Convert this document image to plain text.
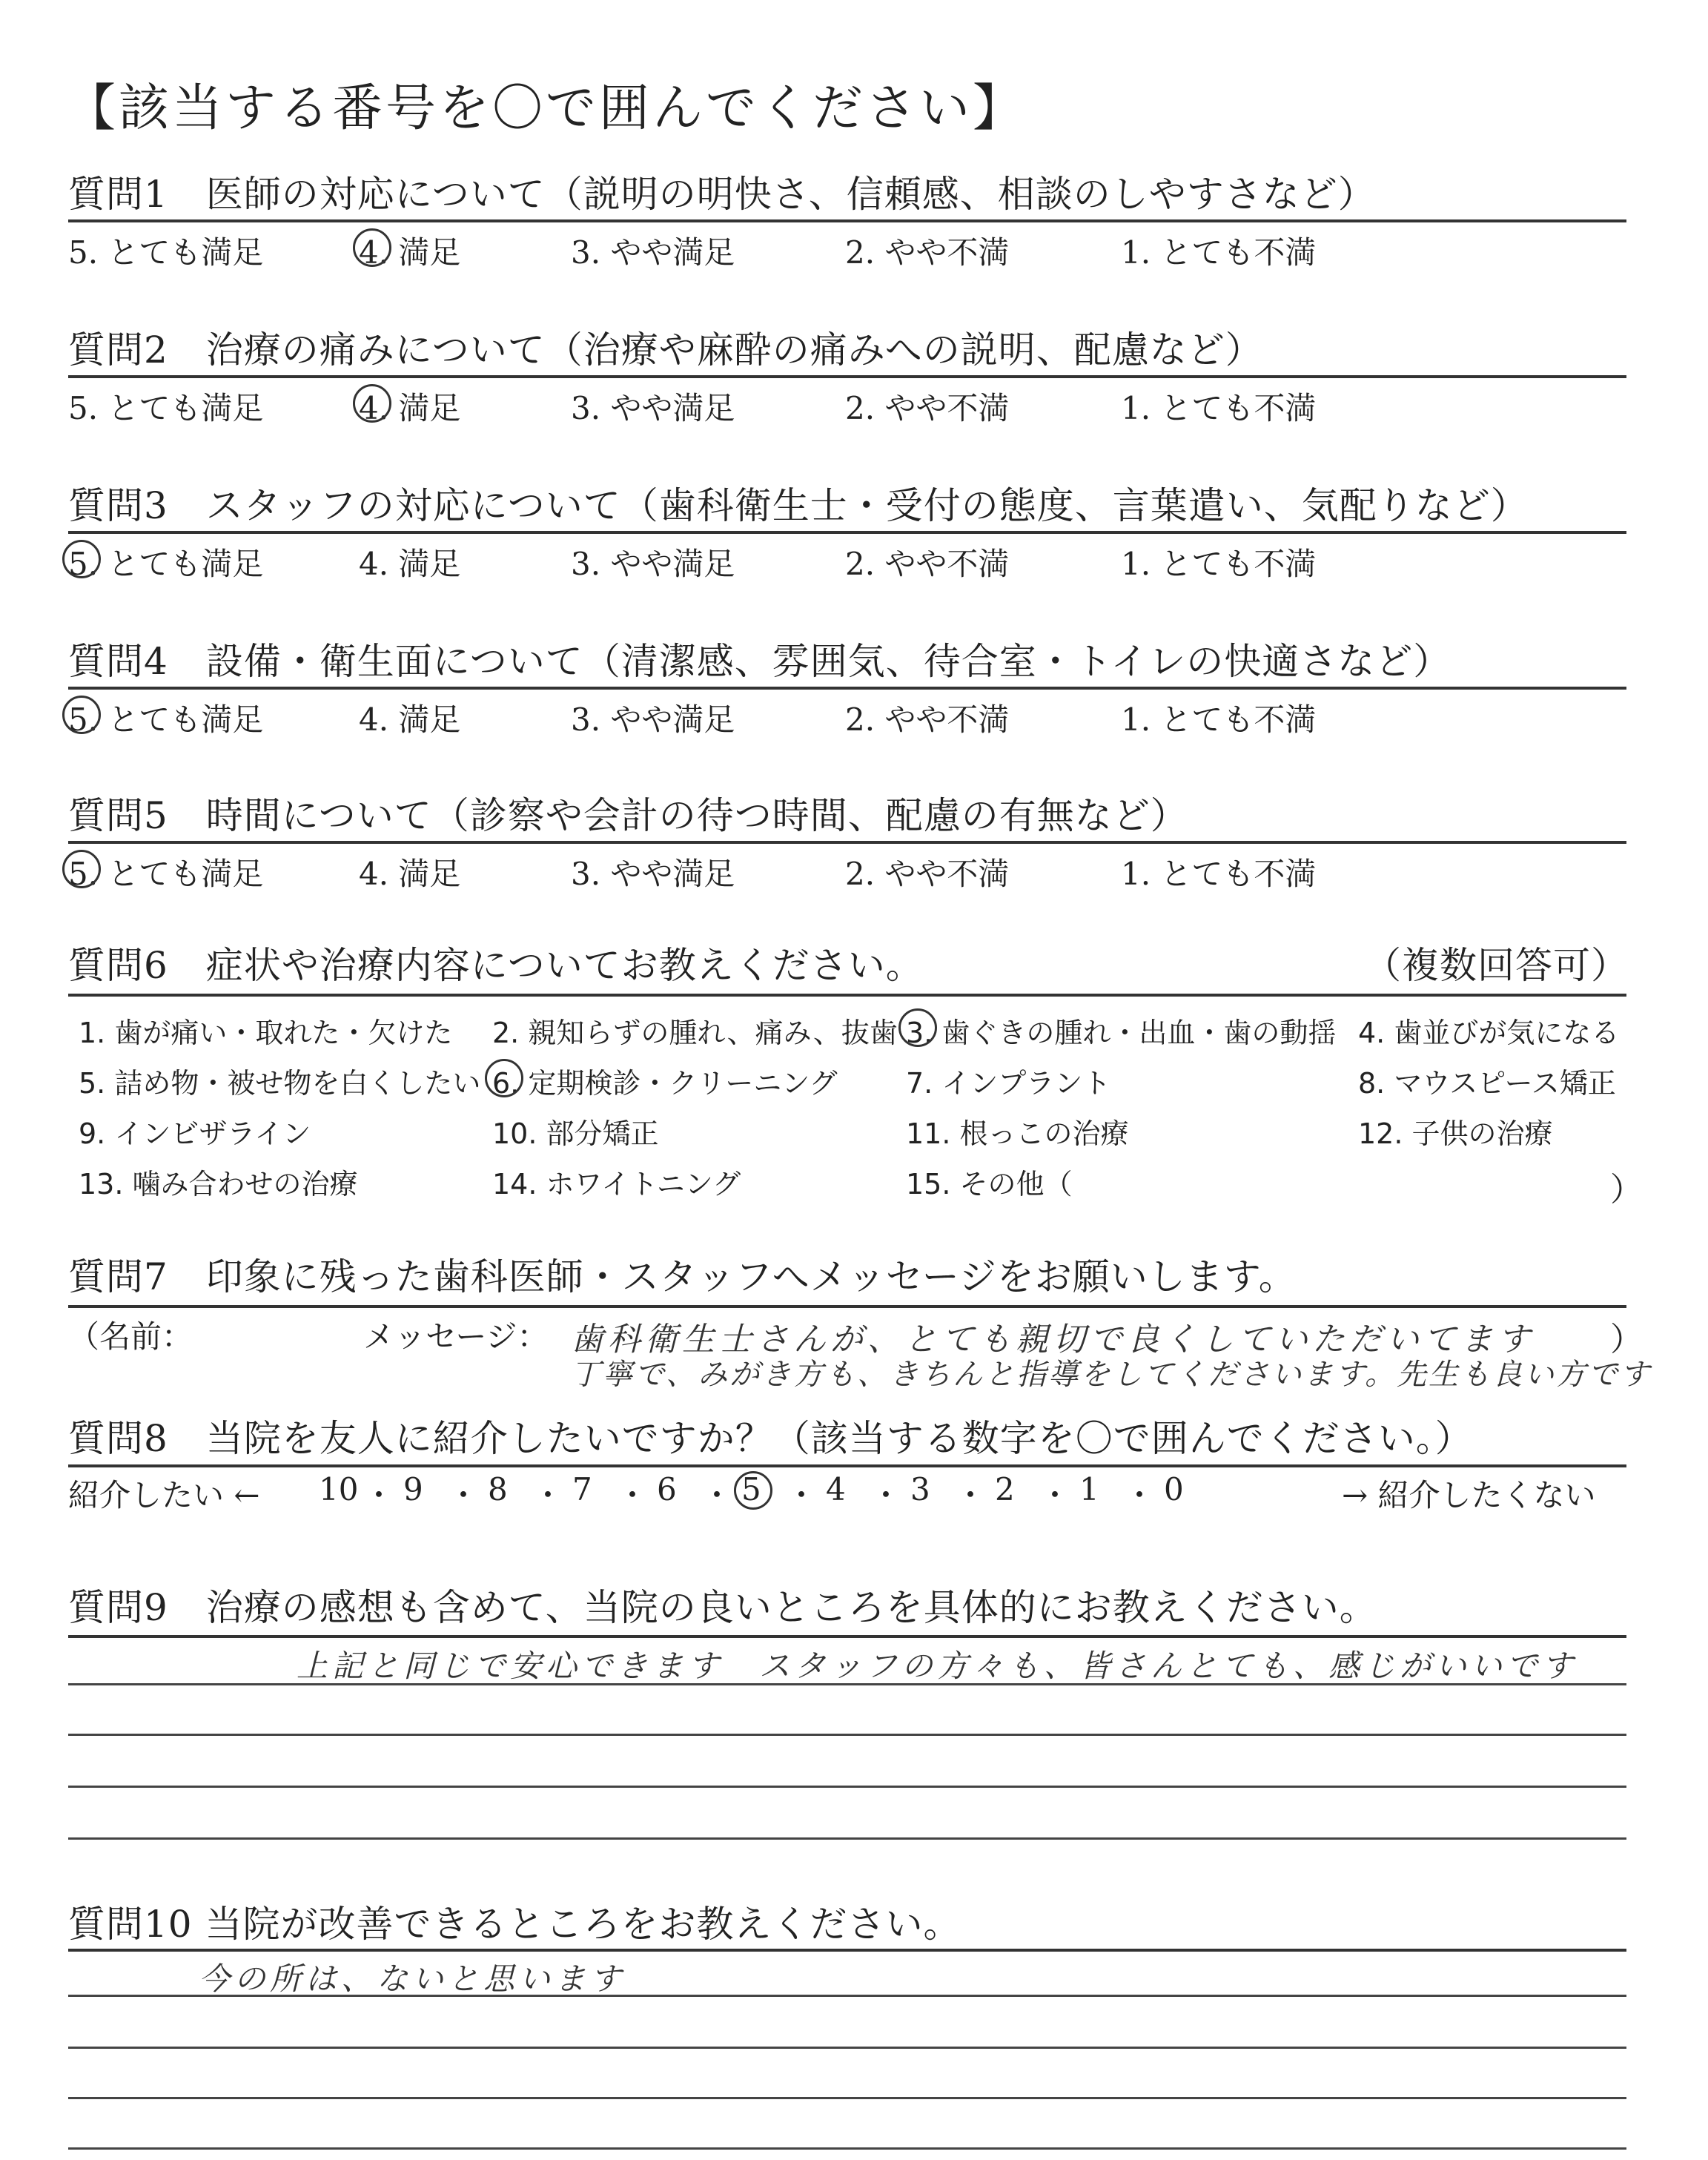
【該当する番号を〇で囲んでください】
質問1　医師の対応について（説明の明快さ、信頼感、相談のしやすさなど）
5. とても満足	4. 満足	3. やや満足	2. やや不満	1. とても不満
質問2　治療の痛みについて（治療や麻酔の痛みへの説明、配慮など）
5. とても満足	4. 満足	3. やや満足	2. やや不満	1. とても不満
質問3　スタッフの対応について（歯科衛生士・受付の態度、言葉遣い、気配りなど）
5. とても満足	4. 満足	3. やや満足	2. やや不満	1. とても不満
質問4　設備・衛生面について（清潔感、雰囲気、待合室・トイレの快適さなど）
5. とても満足	4. 満足	3. やや満足	2. やや不満	1. とても不満
質問5　時間について（診察や会計の待つ時間、配慮の有無など）
5. とても満足	4. 満足	3. やや満足	2. やや不満	1. とても不満
質問6　症状や治療内容についてお教えください。	（複数回答可）
1. 歯が痛い・取れた・欠けた 2. 親知らずの腫れ、痛み、抜歯 3. 歯ぐきの腫れ・出血・歯の動揺 4. 歯並びが気になる
5. 詰め物・被せ物を白くしたい 6. 定期検診・クリーニング 7. インプラント	8. マウスピース矯正
9. インビザライン	10. 部分矯正	11. 根っこの治療	12. 子供の治療
13. 噛み合わせの治療	14. ホワイトニング	15. その他（	）
質問7　印象に残った歯科医師・スタッフへメッセージをお願いします。
（名前：	メッセージ： 歯科衛生士さんが、とても親切で良くしていただいてます
丁寧で、みがき方も、きちんと指導をしてくださいます。先生も良い方です
）
質問8　当院を友人に紹介したいですか？（該当する数字を〇で囲んでください。）
紹介したい ←	→ 紹介したくない
10 ・ 9 ・ 8 ・ 7 ・ 6 ・ 5 ・ 4 ・ 3 ・ 2 ・ 1 ・ 0
質問9　治療の感想も含めて、当院の良いところを具体的にお教えください。
上記と同じで安心できます　スタッフの方々も、皆さんとても、感じがいいです
質問10 当院が改善できるところをお教えください。
今の所は、ないと思います
